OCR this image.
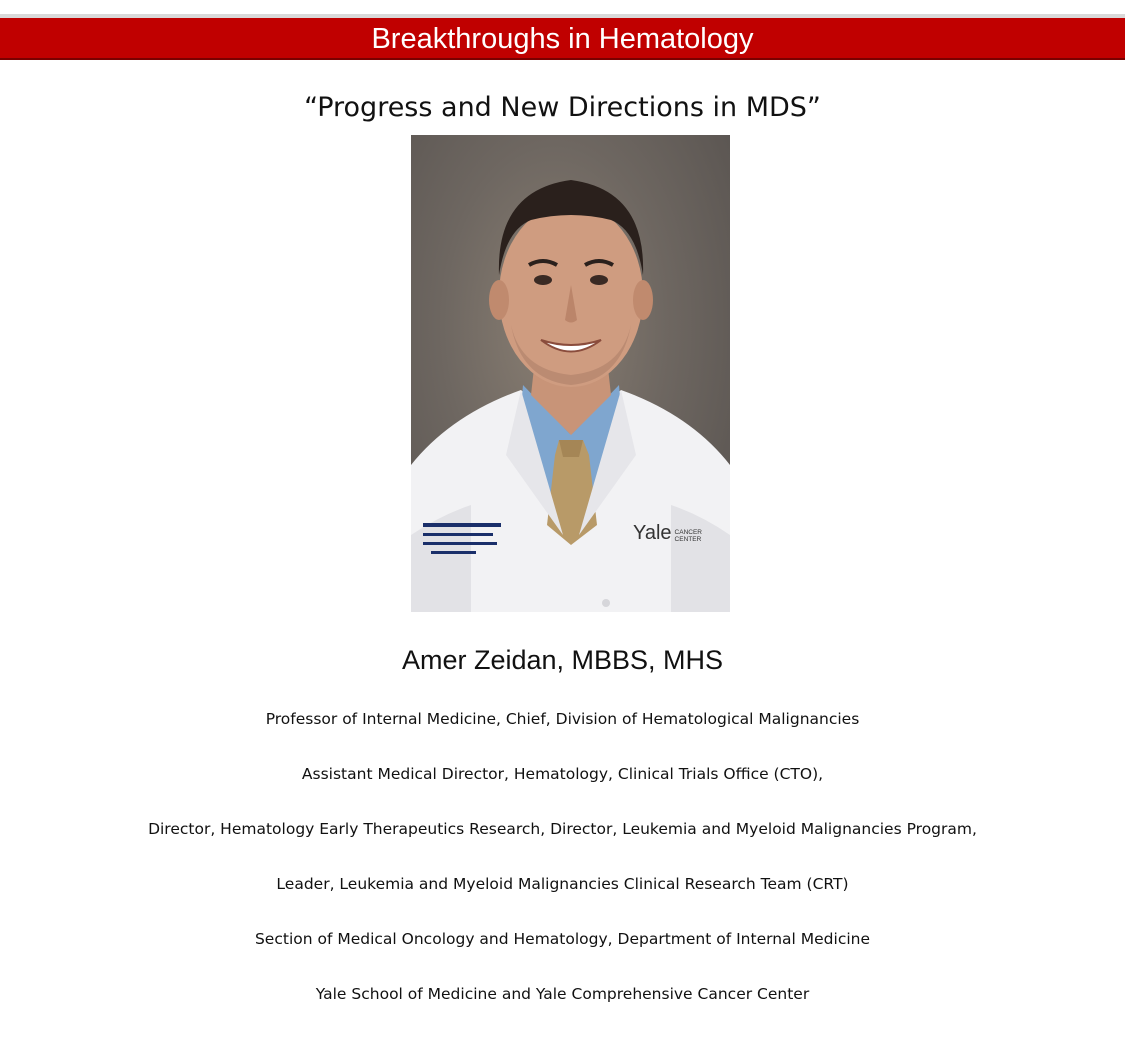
Breakthroughs in Hematology
“Progress and New Directions in MDS”
Yale CANCER
CENTER
Amer Zeidan, MBBS, MHS
Professor of Internal Medicine, Chief, Division of Hematological Malignancies
Assistant Medical Director, Hematology, Clinical Trials Office (CTO),
Director, Hematology Early Therapeutics Research, Director, Leukemia and Myeloid Malignancies Program,
Leader, Leukemia and Myeloid Malignancies Clinical Research Team (CRT)
Section of Medical Oncology and Hematology, Department of Internal Medicine
Yale School of Medicine and Yale Comprehensive Cancer Center
